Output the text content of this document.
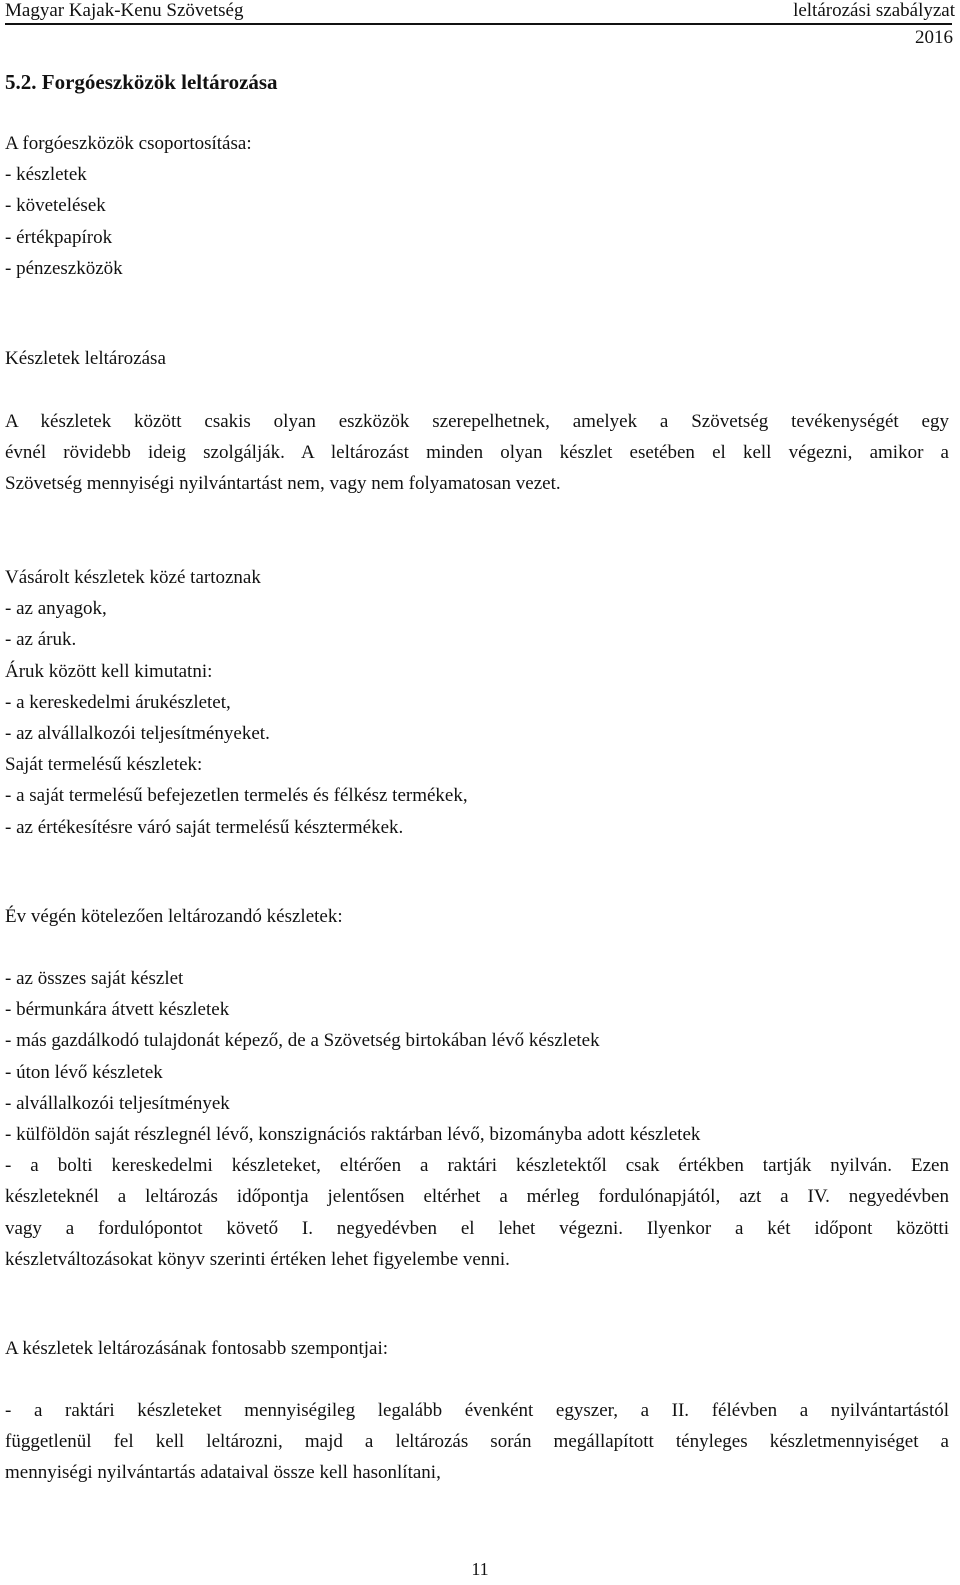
Magyar Kajak-Kenu Szövetség	leltározási szabályzat
2016
5.2. Forgóeszközök leltározása
A forgóeszközök csoportosítása:
- készletek
- követelések
- értékpapírok
- pénzeszközök
Készletek leltározása
A készletek között csakis olyan eszközök szerepelhetnek, amelyek a Szövetség tevékenységét egy
évnél rövidebb ideig szolgálják. A leltározást minden olyan készlet esetében el kell végezni, amikor a
Szövetség mennyiségi nyilvántartást nem, vagy nem folyamatosan vezet.
Vásárolt készletek közé tartoznak
- az anyagok,
- az áruk.
Áruk között kell kimutatni:
- a kereskedelmi árukészletet,
- az alvállalkozói teljesítményeket.
Saját termelésű készletek:
- a saját termelésű befejezetlen termelés és félkész termékek,
- az értékesítésre váró saját termelésű késztermékek.
Év végén kötelezően leltározandó készletek:
- az összes saját készlet
- bérmunkára átvett készletek
- más gazdálkodó tulajdonát képező, de a Szövetség birtokában lévő készletek
- úton lévő készletek
- alvállalkozói teljesítmények
- külföldön saját részlegnél lévő, konszignációs raktárban lévő, bizományba adott készletek
- a bolti kereskedelmi készleteket, eltérően a raktári készletektől csak értékben tartják nyilván. Ezen
készleteknél a leltározás időpontja jelentősen eltérhet a mérleg fordulónapjától, azt a IV. negyedévben
vagy a fordulópontot követő I. negyedévben el lehet végezni. Ilyenkor a két időpont közötti
készletváltozásokat könyv szerinti értéken lehet figyelembe venni.
A készletek leltározásának fontosabb szempontjai:
- a raktári készleteket mennyiségileg legalább évenként egyszer, a II. félévben a nyilvántartástól
függetlenül fel kell leltározni, majd a leltározás során megállapított tényleges készletmennyiséget a
mennyiségi nyilvántartás adataival össze kell hasonlítani,
11
